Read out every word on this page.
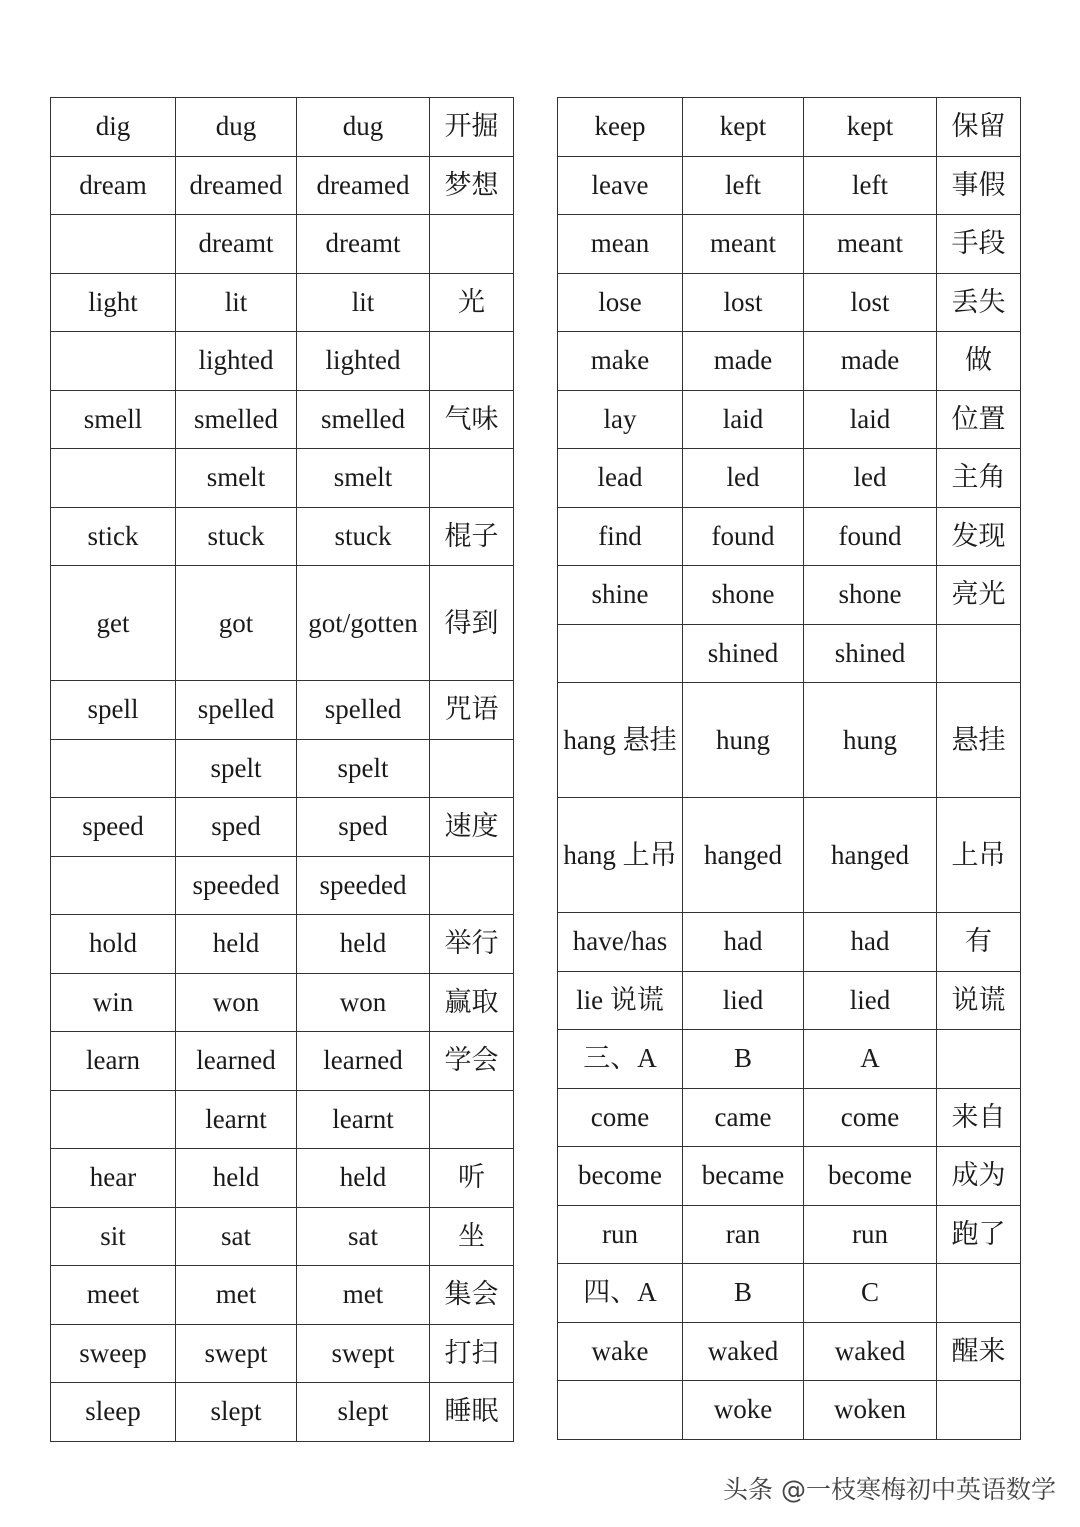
dig	dug	dug	开掘
dream	dreamed	dreamed	梦想
	dreamt	dreamt	
light	lit	lit	光
	lighted	lighted	
smell	smelled	smelled	气味
	smelt	smelt	
stick	stuck	stuck	棍子
get	got	got/gotten	得到
spell	spelled	spelled	咒语
	spelt	spelt	
speed	sped	sped	速度
	speeded	speeded	
hold	held	held	举行
win	won	won	赢取
learn	learned	learned	学会
	learnt	learnt	
hear	held	held	听
sit	sat	sat	坐
meet	met	met	集会
sweep	swept	swept	打扫
sleep	slept	slept	睡眠
keep	kept	kept	保留
leave	left	left	事假
mean	meant	meant	手段
lose	lost	lost	丢失
make	made	made	做
lay	laid	laid	位置
lead	led	led	主角
find	found	found	发现
shine	shone	shone	亮光
	shined	shined	
hang 悬挂	hung	hung	悬挂
hang 上吊	hanged	hanged	上吊
have/has	had	had	有
lie 说谎	lied	lied	说谎
三、A	B	A	
come	came	come	来自
become	became	become	成为
run	ran	run	跑了
四、A	B	C	
wake	waked	waked	醒来
	woke	woken	
头条 @一枝寒梅初中英语数学
